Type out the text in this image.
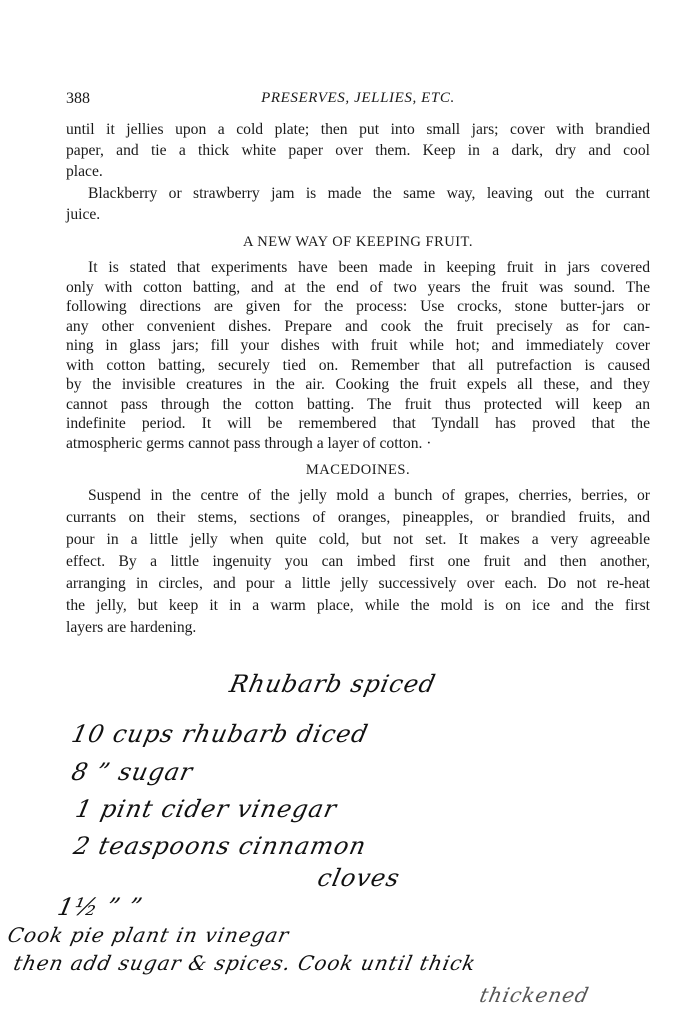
388	PRESERVES, JELLIES, ETC.
until it jellies upon a cold plate; then put into small jars; cover with brandied
paper, and tie a thick white paper over them. Keep in a dark, dry and cool
place.
Blackberry or strawberry jam is made the same way, leaving out the currant
juice.
A NEW WAY OF KEEPING FRUIT.
It is stated that experiments have been made in keeping fruit in jars covered
only with cotton batting, and at the end of two years the fruit was sound. The
following directions are given for the process: Use crocks, stone butter-jars or
any other convenient dishes. Prepare and cook the fruit precisely as for can-
ning in glass jars; fill your dishes with fruit while hot; and immediately cover
with cotton batting, securely tied on. Remember that all putrefaction is caused
by the invisible creatures in the air. Cooking the fruit expels all these, and they
cannot pass through the cotton batting. The fruit thus protected will keep an
indefinite period. It will be remembered that Tyndall has proved that the
atmospheric germs cannot pass through a layer of cotton. ·
MACEDOINES.
Suspend in the centre of the jelly mold a bunch of grapes, cherries, berries, or
currants on their stems, sections of oranges, pineapples, or brandied fruits, and
pour in a little jelly when quite cold, but not set. It makes a very agreeable
effect. By a little ingenuity you can imbed first one fruit and then another,
arranging in circles, and pour a little jelly successively over each. Do not re-heat
the jelly, but keep it in a warm place, while the mold is on ice and the first
layers are hardening.
Rhubarb spiced
10 cups rhubarb diced
8 ” sugar
1 pint cider vinegar
2 teaspoons cinnamon
cloves
1½ ” ”
Cook pie plant in vinegar
then add sugar & spices. Cook until thick
thickened
